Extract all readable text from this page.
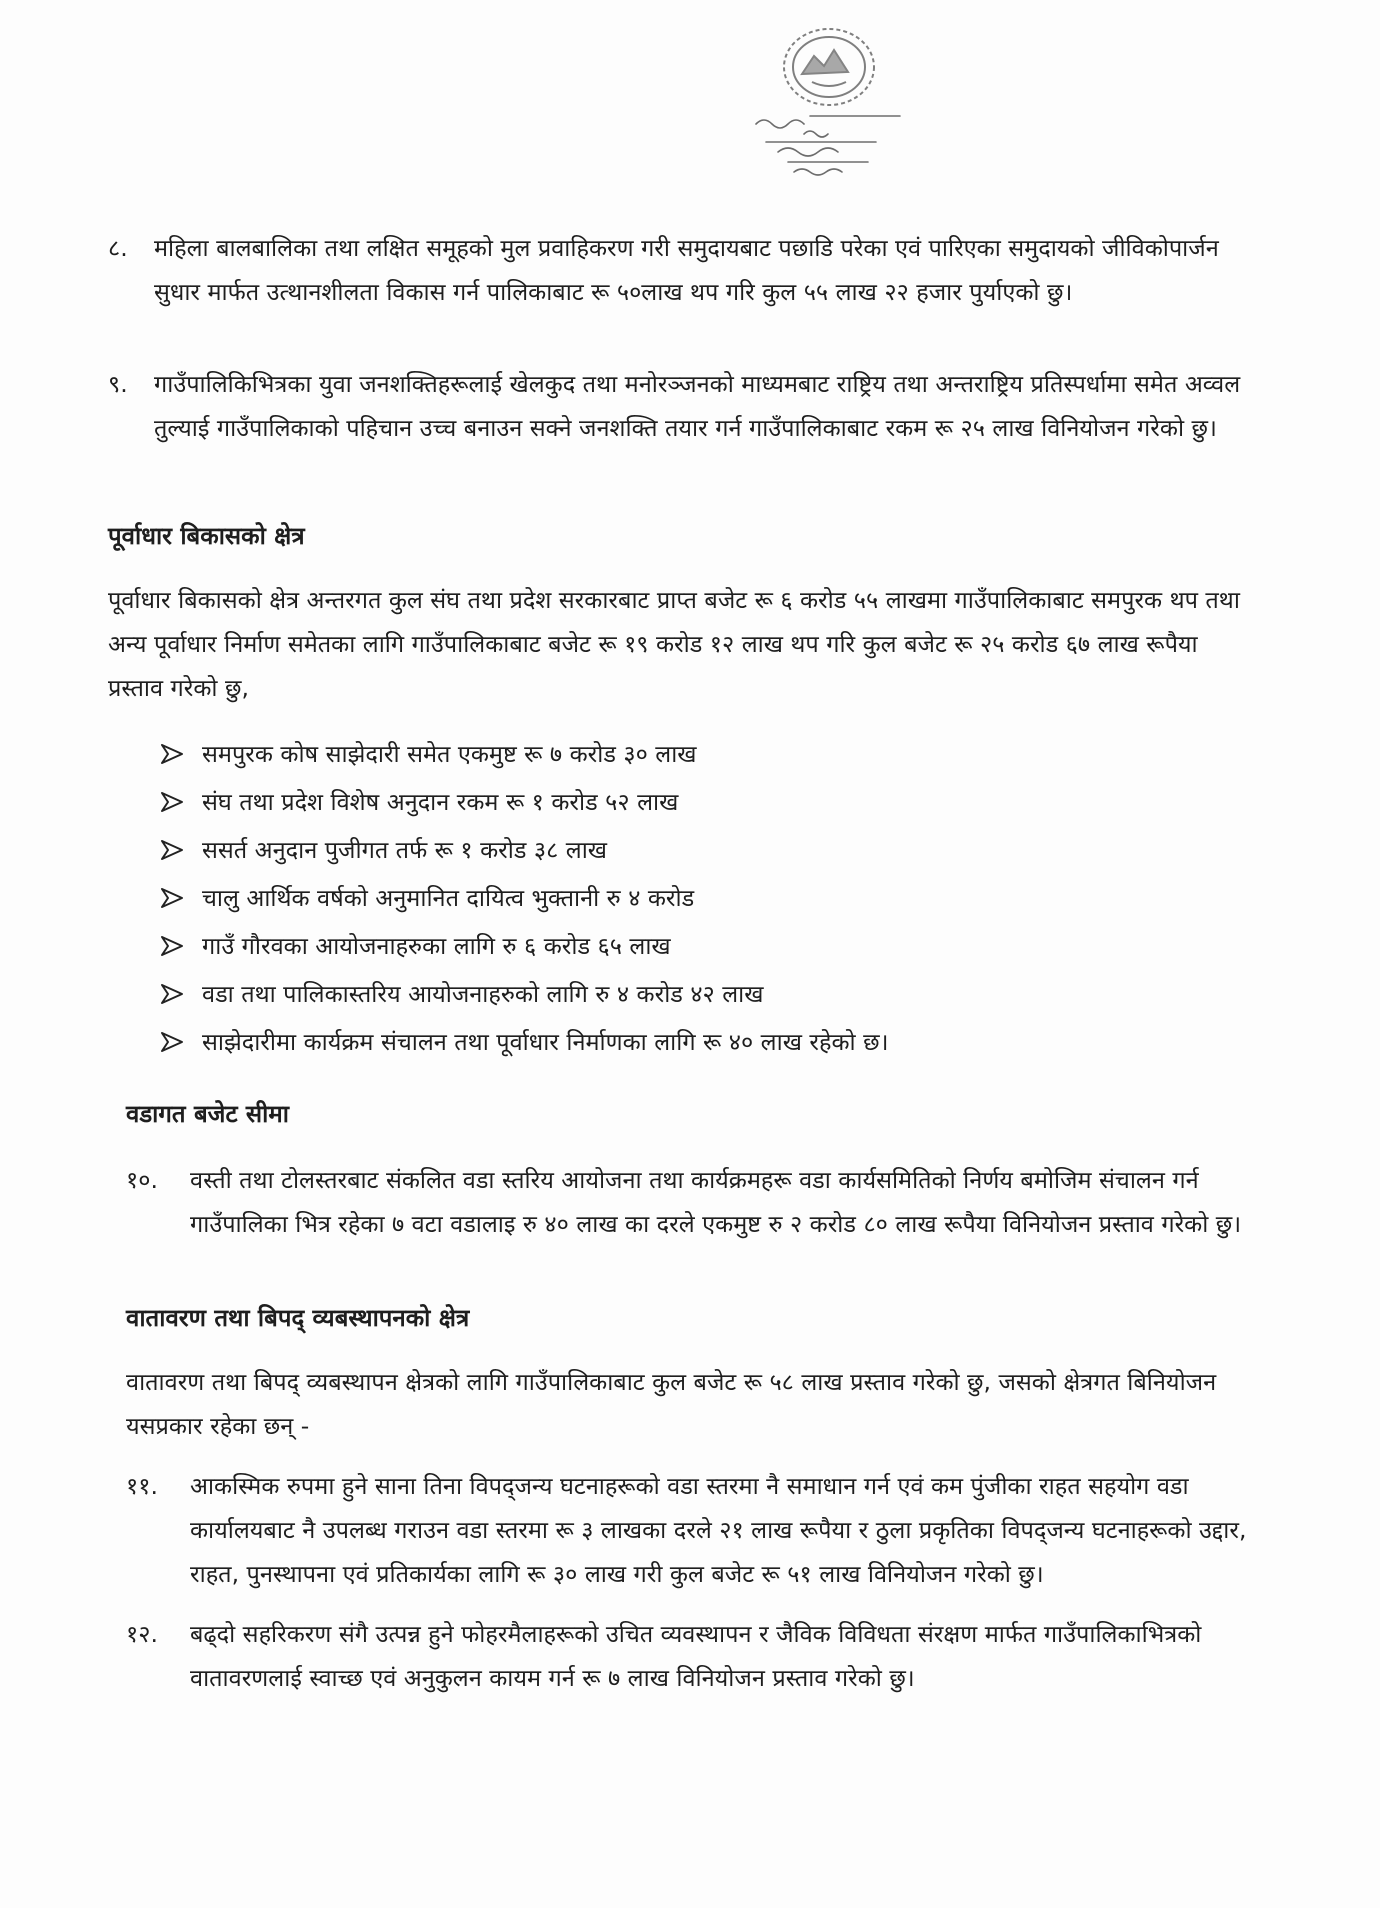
८.	महिला बालबालिका तथा लक्षित समूहको मुल प्रवाहिकरण गरी समुदायबाट पछाडि परेका एवं पारिएका समुदायको जीविकोपार्जन सुधार मार्फत उत्थानशीलता विकास गर्न पालिकाबाट रू ५०लाख थप गरि कुल ५५ लाख २२ हजार पुर्याएको छु।
९.	गाउँपालिकिभित्रका युवा जनशक्तिहरूलाई खेलकुद तथा मनोरञ्जनको माध्यमबाट राष्ट्रिय तथा अन्तराष्ट्रिय प्रतिस्पर्धामा समेत अव्वल तुल्याई गाउँपालिकाको पहिचान उच्च बनाउन सक्ने जनशक्ति तयार गर्न गाउँपालिकाबाट रकम रू २५ लाख विनियोजन गरेको छु।
पूर्वाधार बिकासको क्षेत्र
पूर्वाधार बिकासको क्षेत्र अन्तरगत कुल संघ तथा प्रदेश सरकारबाट प्राप्त बजेट रू ६ करोड ५५ लाखमा गाउँपालिकाबाट समपुरक थप तथा अन्य पूर्वाधार निर्माण समेतका लागि गाउँपालिकाबाट बजेट रू १९ करोड १२ लाख थप गरि कुल बजेट रू २५ करोड ६७ लाख रूपैया प्रस्ताव गरेको छु,
समपुरक कोष साझेदारी समेत एकमुष्ट रू ७ करोड ३० लाख
संघ तथा प्रदेश विशेष अनुदान रकम रू १ करोड ५२ लाख
ससर्त अनुदान पुजीगत तर्फ रू १ करोड ३८ लाख
चालु आर्थिक वर्षको अनुमानित दायित्व भुक्तानी रु ४ करोड
गाउँ गौरवका आयोजनाहरुका लागि रु ६ करोड ६५ लाख
वडा तथा पालिकास्तरिय आयोजनाहरुको लागि रु ४ करोड ४२ लाख
साझेदारीमा कार्यक्रम संचालन तथा पूर्वाधार निर्माणका लागि रू ४० लाख रहेको छ।
वडागत बजेट सीमा
१०.	वस्ती तथा टोलस्तरबाट संकलित वडा स्तरिय आयोजना तथा कार्यक्रमहरू वडा कार्यसमितिको निर्णय बमोजिम संचालन गर्न गाउँपालिका भित्र रहेका ७ वटा वडालाइ रु ४० लाख का दरले एकमुष्ट रु २ करोड ८० लाख रूपैया विनियोजन प्रस्ताव गरेको छु।
वातावरण तथा बिपद् व्यबस्थापनको क्षेत्र
वातावरण तथा बिपद् व्यबस्थापन क्षेत्रको लागि गाउँपालिकाबाट कुल बजेट रू ५८ लाख प्रस्ताव गरेको छु, जसको क्षेत्रगत बिनियोजन यसप्रकार रहेका छन् -
११.	आकस्मिक रुपमा हुने साना तिना विपद्जन्य घटनाहरूको वडा स्तरमा नै समाधान गर्न एवं कम पुंजीका राहत सहयोग वडा कार्यालयबाट नै उपलब्ध गराउन वडा स्तरमा रू ३ लाखका दरले २१ लाख रूपैया र ठुला प्रकृतिका विपद्जन्य घटनाहरूको उद्दार, राहत, पुनस्थापना एवं प्रतिकार्यका लागि रू ३० लाख गरी कुल बजेट रू ५१ लाख विनियोजन गरेको छु।
१२.	बढ्दो सहरिकरण संगै उत्पन्न हुने फोहरमैलाहरूको उचित व्यवस्थापन र जैविक विविधता संरक्षण मार्फत गाउँपालिकाभित्रको वातावरणलाई स्वाच्छ एवं अनुकुलन कायम गर्न रू ७ लाख विनियोजन प्रस्ताव गरेको छु।
